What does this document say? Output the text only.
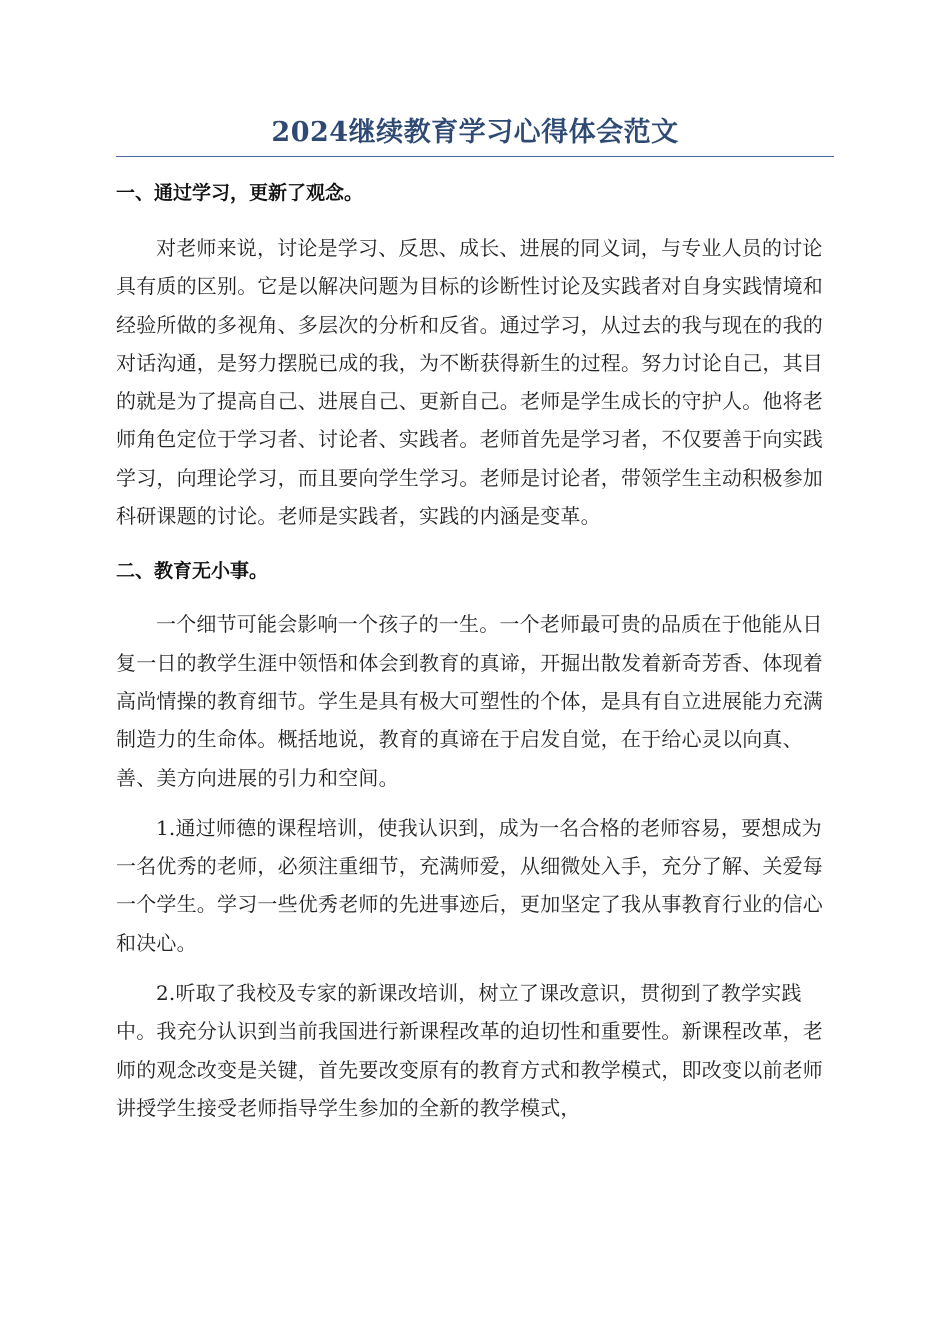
2024继续教育学习心得体会范文
一、通过学习，更新了观念。

对老师来说，讨论是学习、反思、成长、进展的同义词，与专业人员的讨论具有质的区别。它是以解决问题为目标的诊断性讨论及实践者对自身实践情境和经验所做的多视角、多层次的分析和反省。通过学习，从过去的我与现在的我的对话沟通，是努力摆脱已成的我，为不断获得新生的过程。努力讨论自己，其目的就是为了提高自己、进展自己、更新自己。老师是学生成长的守护人。他将老师角色定位于学习者、讨论者、实践者。老师首先是学习者，不仅要善于向实践学习，向理论学习，而且要向学生学习。老师是讨论者，带领学生主动积极参加科研课题的讨论。老师是实践者，实践的内涵是变革。

二、教育无小事。

一个细节可能会影响一个孩子的一生。一个老师最可贵的品质在于他能从日复一日的教学生涯中领悟和体会到教育的真谛，开掘出散发着新奇芳香、体现着高尚情操的教育细节。学生是具有极大可塑性的个体，是具有自立进展能力充满制造力的生命体。概括地说，教育的真谛在于启发自觉，在于给心灵以向真、善、美方向进展的引力和空间。

1.通过师德的课程培训，使我认识到，成为一名合格的老师容易，要想成为一名优秀的老师，必须注重细节，充满师爱，从细微处入手，充分了解、关爱每一个学生。学习一些优秀老师的先进事迹后，更加坚定了我从事教育行业的信心和决心。

2.听取了我校及专家的新课改培训，树立了课改意识，贯彻到了教学实践中。我充分认识到当前我国进行新课程改革的迫切性和重要性。新课程改革，老师的观念改变是关键，首先要改变原有的教育方式和教学模式，即改变以前老师讲授学生接受老师指导学生参加的全新的教学模式，
